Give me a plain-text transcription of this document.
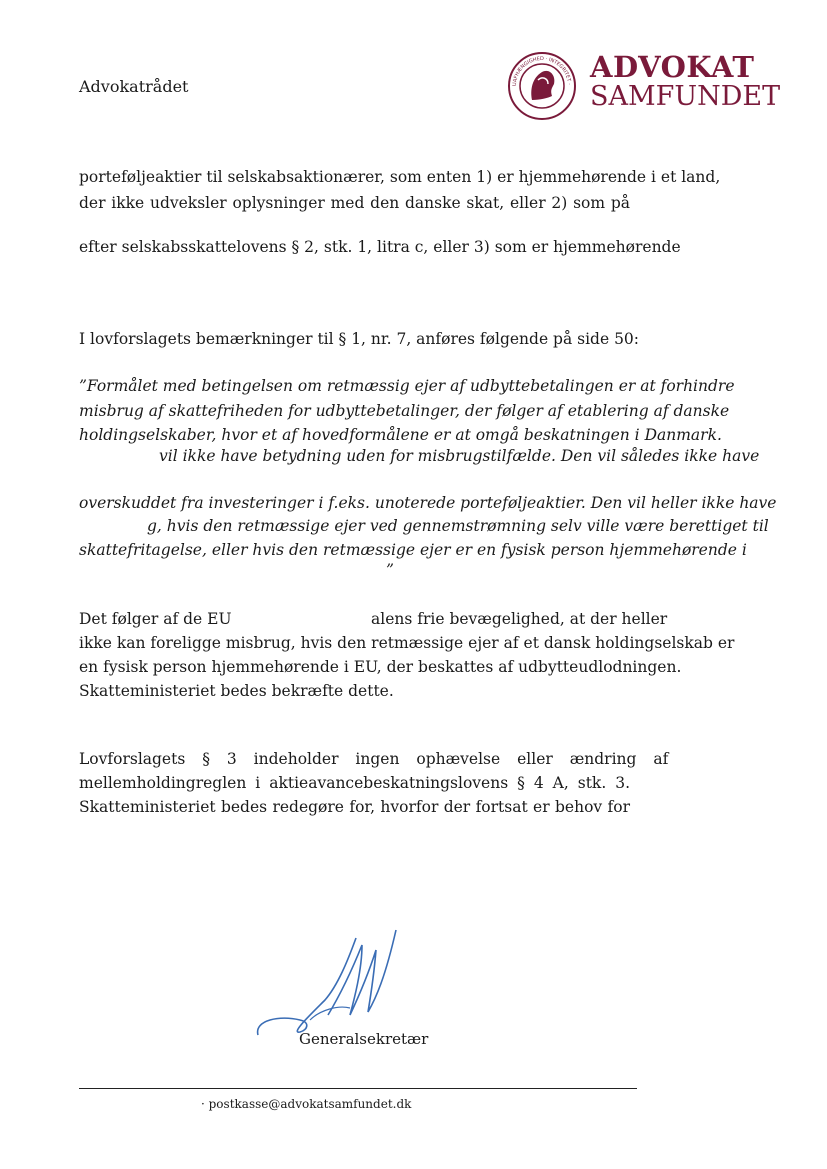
Advokatrådet	UAFHÆNGIGHED · INTEGRITET ·
ADVOKAT
SAMFUNDET
porteføljeaktier til selskabsaktionærer, som enten 1) er hjemmehørende i et land,
der ikke udveksler oplysninger med den danske skat, eller 2) som på
efter selskabsskattelovens § 2, stk. 1, litra c, eller 3) som er hjemmehørende
I lovforslagets bemærkninger til § 1, nr. 7, anføres følgende på side 50:
”Formålet med betingelsen om retmæssig ejer af udbyttebetalingen er at forhindre
misbrug af skattefriheden for udbyttebetalinger, der følger af etablering af danske
holdingselskaber, hvor et af hovedformålene er at omgå beskatningen i Danmark.
vil ikke have betydning uden for misbrugstilfælde. Den vil således ikke have
overskuddet fra investeringer i f.eks. unoterede porteføljeaktier. Den vil heller ikke have
g, hvis den retmæssige ejer ved gennemstrømning selv ville være berettiget til
skattefritagelse, eller hvis den retmæssige ejer er en fysisk person hjemmehørende i
”
Det følger af de EU	alens frie bevægelighed, at der heller
ikke kan foreligge misbrug, hvis den retmæssige ejer af et dansk holdingselskab er
en fysisk person hjemmehørende i EU, der beskattes af udbytteudlodningen.
Skatteministeriet bedes bekræfte dette.
Lovforslagets § 3 indeholder ingen ophævelse eller ændring af
mellemholdingreglen i aktieavancebeskatningslovens § 4 A, stk. 3.
Skatteministeriet bedes redegøre for, hvorfor der fortsat er behov for
Generalsekretær
· postkasse@advokatsamfundet.dk
